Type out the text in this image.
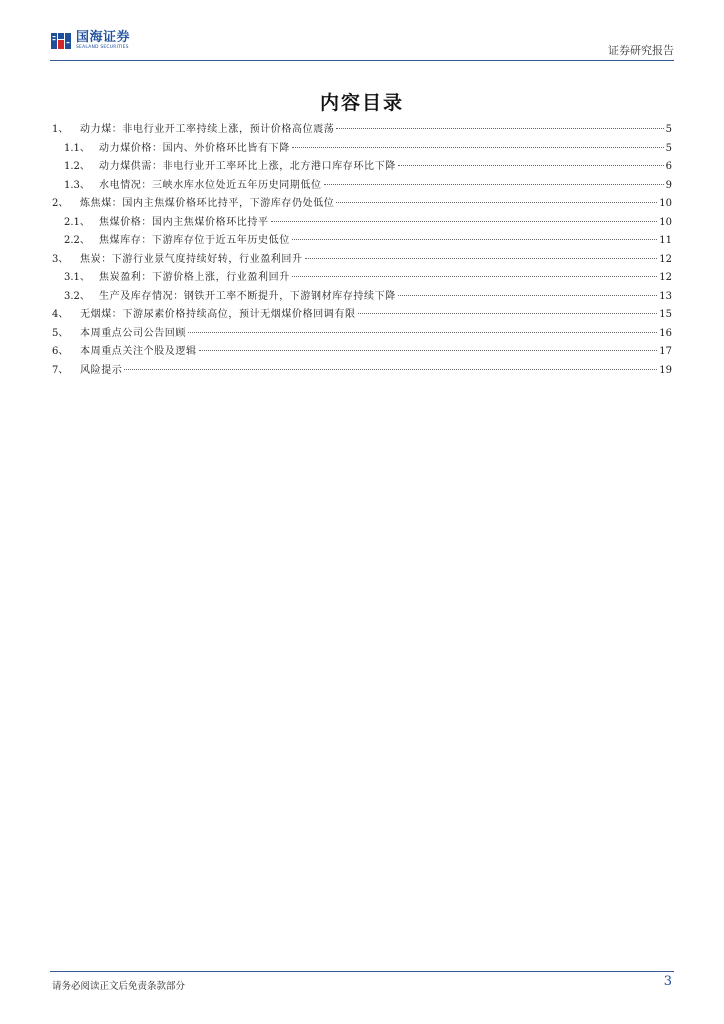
国海证券
SEALAND SECURITIES	证券研究报告
内容目录
1、	动力煤：非电行业开工率持续上涨，预计价格高位震荡	5
1.1、 动力煤价格：国内、外价格环比皆有下降	5
1.2、 动力煤供需：非电行业开工率环比上涨，北方港口库存环比下降	6
1.3、 水电情况：三峡水库水位处近五年历史同期低位	9
2、	炼焦煤：国内主焦煤价格环比持平，下游库存仍处低位	10
2.1、 焦煤价格：国内主焦煤价格环比持平	10
2.2、 焦煤库存：下游库存位于近五年历史低位	11
3、	焦炭：下游行业景气度持续好转，行业盈利回升	12
3.1、 焦炭盈利：下游价格上涨，行业盈利回升	12
3.2、 生产及库存情况：钢铁开工率不断提升，下游钢材库存持续下降	13
4、	无烟煤：下游尿素价格持续高位，预计无烟煤价格回调有限	15
5、	本周重点公司公告回顾	16
6、	本周重点关注个股及逻辑	17
7、	风险提示	19
请务必阅读正文后免责条款部分	3
